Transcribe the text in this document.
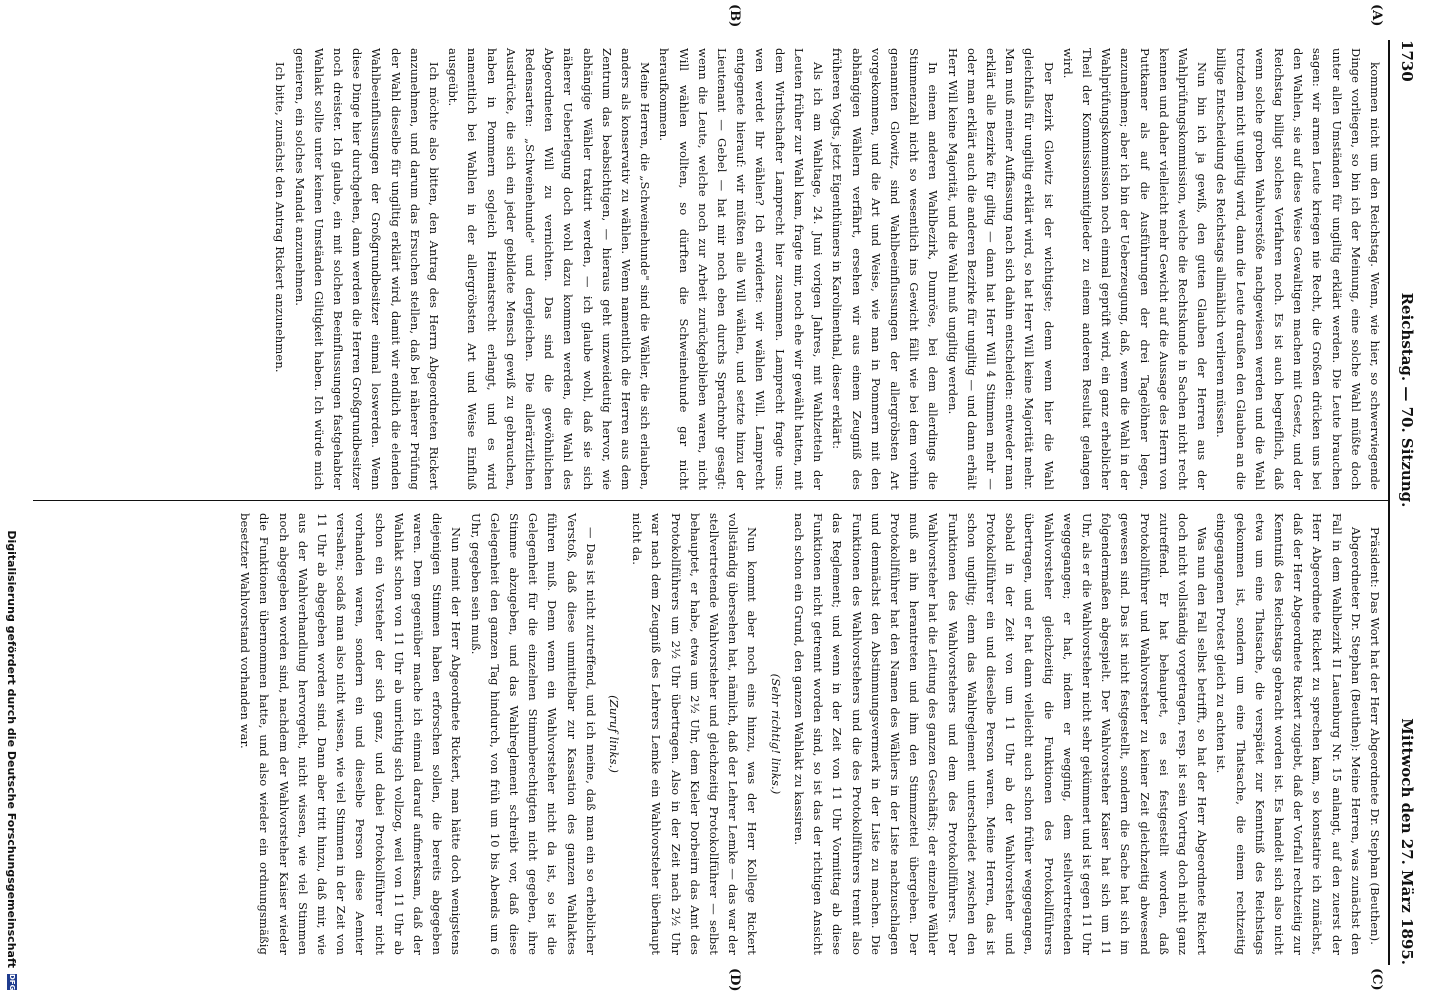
1730
Reichstag. — 70. Sitzung.
Mittwoch den 27. März 1895.
(A)
(B)
(C)
(D)

kommen nicht um den Reichstag. Wenn, wie hier, so schwerwiegende Dinge vorliegen, so bin ich der Meinung, eine solche Wahl müßte doch unter allen Umständen für ungiltig erklärt werden. Die Leute brauchen sagen: wir armen Leute kriegen nie Recht, die Großen drücken uns bei den Wahlen, sie auf diese Weise Gewaltigen machen mit Gesetz, und der Reichstag billigt solches Verfahren noch. Es ist auch begreiflich, daß wenn solche groben Wahlverstöße nachgewiesen werden und die Wahl trotzdem nicht ungiltig wird, dann die Leute draußen den Glauben an die billige Entscheidung des Reichstags allmählich verlieren müssen.

Nun bin ich ja gewiß, den guten Glauben der Herren aus der Wahlprüfungskommission, welche die Rechtskunde in Sachen nicht recht kennen und daher vielleicht mehr Gewicht auf die Aussage des Herrn von Puttkamer als auf die Ausführungen der drei Tagelöhner legen, anzunehmen; aber ich bin der Ueberzeugung, daß, wenn die Wahl in der Wahlprüfungskommission noch einmal geprüft wird, ein ganz erheblicher Theil der Kommissionsmitglieder zu einem anderen Resultat gelangen wird.

Der Bezirk Glowitz ist der wichtigste; denn wenn hier die Wahl gleichfalls für ungiltig erklärt wird, so hat Herr Will keine Majorität mehr. Man muß meiner Auffassung nach sich dahin entscheiden: entweder man erklärt alle Bezirke für giltig — dann hat Herr Will 4 Stimmen mehr — oder man erklärt auch die anderen Bezirke für ungiltig — und dann erhält Herr Will keine Majorität, und die Wahl muß ungiltig werden.

In einem anderen Wahlbezirk, Dumröse, bei dem allerdings die Stimmenzahl nicht so wesentlich ins Gewicht fällt wie bei dem vorhin genannten Glowitz, sind Wahlbeeinflussungen der allergröbsten Art vorgekommen, und die Art und Weise, wie man in Pommern mit den abhängigen Wählern verfährt, ersehen wir aus einem Zeugniß des früheren Vogts, jetzt Eigenthümers in Karolinenthal, dieser erklärt:

Als ich am Wahltage, 24. Juni vorigen Jahres, mit Wahlzetteln der Leuten früher zur Wahl kam, fragte mir, noch ehe wir gewählt hatten, mit dem Wirthschafter Lamprecht hier zusammen. Lamprecht fragte uns: wen werdet Ihr wählen? Ich erwiderte: wir wählen Will. Lamprecht entgegnete hierauf: wir müßten alle Will wählen, und setzte hinzu der Lieutenant — Gebel — hat mir noch eben durchs Sprachrohr gesagt: wenn die Leute, welche noch zur Arbeit zurückgeblieben waren, nicht Will wählen wollten, so dürften die Schweinehunde gar nicht heraufkommen.

Meine Herren, die „Schweinehunde" sind die Wähler, die sich erlauben, anders als konservativ zu wählen. Wenn namentlich die Herren aus dem Zentrum das beabsichtigen, — hieraus geht unzweideutig hervor, wie abhängige Wähler traktirt werden, — ich glaube wohl, daß sie sich näherer Ueberlegung doch wohl dazu kommen werden, die Wahl des Abgeordneten Will zu vernichten. Das sind die gewöhnlichen Redensarten: „Schweinehunde" und dergleichen. Die allerärztlichen Ausdrücke, die sich ein jeder gebildete Mensch gewiß zu gebrauchen, haben in Pommern sogleich Heimatsrecht erlangt, und es wird namentlich bei Wahlen in der allergröbsten Art und Weise Einfluß ausgeübt.

Ich möchte also bitten, den Antrag des Herrn Abgeordneten Rickert anzunehmen, und darum das Ersuchen stellen, daß bei näherer Prüfung der Wahl dieselbe für ungiltig erklärt wird, damit wir endlich die elenden Wahlbeeinflussungen der Großgrundbesitzer einmal loswerden. Wenn diese Dinge hier durchgehen, dann werden die Herren Großgrundbesitzer noch dreister. Ich glaube, ein mit solchen Beeinflussungen fastgehabter Wahlakt sollte unter keinen Umständen Giltigkeit haben. Ich würde mich genieren, ein solches Mandat anzunehmen.

Ich bitte, zunächst den Antrag Rickert anzunehmen.

Präsident: Das Wort hat der Herr Abgeordnete Dr. Stephan (Beuthen).

Abgeordneter Dr. Stephan (Beuthen): Meine Herren, was zunächst den Fall in dem Wahlbezirk II Lauenburg Nr. 15 anlangt, auf den zuerst der Herr Abgeordnete Rickert zu sprechen kam, so konstatire ich zunächst, daß der Herr Abgeordnete Rickert zugiebt, daß der Vorfall rechtzeitig zur Kenntniß des Reichstags gebracht worden ist. Es handelt sich also nicht etwa um eine Thatsache, die verspätet zur Kenntniß des Reichstags gekommen ist, sondern um eine Thatsache, die einem rechtzeitig eingegangenen Protest gleich zu achten ist.

Was nun den Fall selbst betrifft, so hat der Herr Abgeordnete Rickert doch nicht vollständig vorgetragen, resp. ist sein Vortrag doch nicht ganz zutreffend. Er hat behauptet, es sei festgestellt worden, daß Protokollführer und Wahlvorsteher zu keiner Zeit gleichzeitig abwesend gewesen sind. Das ist nicht festgestellt, sondern die Sache hat sich im folgendermaßen abgespielt. Der Wahlvorsteher Kaiser hat sich um 11 Uhr, als er die Wahlvorsteher nicht sehr gekümmert und ist gegen 11 Uhr weggegangen; er hat, indem er wegging, dem stellvertretenden Wahlvorsteher gleichzeitig die Funktionen des Protokollführers übertragen, und er hat dann vielleicht auch schon früher weggegangen, sobald in der Zeit von um 11 Uhr ab der Wahlvorsteher und Protokollführer ein und dieselbe Person waren. Meine Herren, das ist schon ungiltig; denn das Wahlreglement unterscheidet zwischen den Funktionen des Wahlvorstehers und dem des Protokollführers. Der Wahlvorsteher hat die Leitung des ganzen Geschäfts; der einzelne Wähler muß an ihn herantreten und ihm den Stimmzettel übergeben. Der Protokollführer hat den Namen des Wählers in der Liste nachzuschlagen und demnächst den Abstimmungsvermerk in der Liste zu machen. Die Funktionen des Wahlvorstehers und die des Protokollführers trennt also das Reglement; und wenn in der Zeit von 11 Uhr Vormittag ab diese Funktionen nicht getrennt worden sind, so ist das der richtigen Ansicht nach schon ein Grund, den ganzen Wahlakt zu kassiren.

(Sehr richtig! links.)

Nun kommt aber noch eins hinzu, was der Herr Kollege Rickert vollständig übersehen hat, nämlich, daß der Lehrer Lemke — das war der stellvertretende Wahlvorsteher und gleichzeitig Protokollführer — selbst behauptet, er habe, etwa um 2½ Uhr, dem Kieler Dorbeirn das Amt des Protokollführers um 2½ Uhr übertragen. Also in der Zeit nach 2½ Uhr war nach dem Zeugniß des Lehrers Lemke ein Wahlvorsteher überhaupt nicht da.

(Zuruf links.)

— Das ist nicht zutreffend, und ich meine, daß man ein so erheblicher Verstoß, daß diese unmittelbar zur Kassation des ganzen Wahlaktes führen muß. Denn wenn ein Wahlvorsteher nicht da ist, so ist die Gelegenheit für die einzelnen Stimmberechtigten nicht gegeben, ihre Stimme abzugeben, und das Wahlreglement schreibt vor, daß diese Gelegenheit den ganzen Tag hindurch, von früh um 10 bis Abends um 6 Uhr, gegeben sein muß.

Nun meint der Herr Abgeordnete Rickert, man hätte doch wenigstens diejenigen Stimmen haben erforschen sollen, die bereits abgegeben waren. Dem gegenüber mache ich einmal darauf aufmerksam, daß der Wahlakt schon von 11 Uhr ab unrichtig sich vollzog, weil von 11 Uhr ab schon ein Vorsteher der sich ganz, und dabei Protokollführer nicht vorhanden waren, sondern ein und dieselbe Person diese Aemter versahen; sodaß man also nicht wissen, wie viel Stimmen in der Zeit von 11 Uhr ab abgegeben worden sind. Dann aber tritt hinzu, daß mir, wie aus der Wahlverhandlung hervorgeht, nicht wissen, wie viel Stimmen noch abgegeben worden sind, nachdem der Wahlvorsteher Kaiser wieder die Funktionen übernommen hatte, und also wieder ein ordnungsmäßig besetzter Wahlvorstand vorhanden war.

Digitalisierung gefördert durch die Deutsche Forschungsgemeinschaft
DFG
